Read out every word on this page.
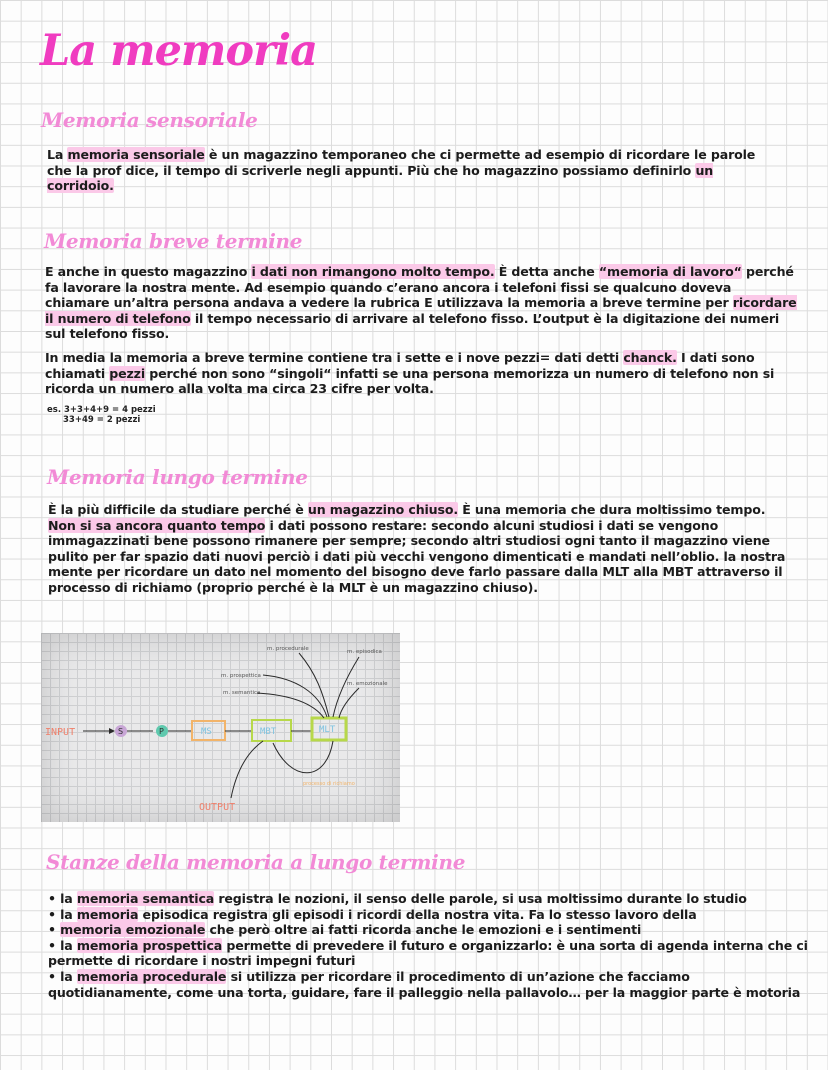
La memoria
Memoria sensoriale

La memoria sensoriale è un magazzino temporaneo che ci permette ad esempio di ricordare le parole che la prof dice, il tempo di scriverle negli appunti. Più che ho magazzino possiamo definirlo un corridoio.

Memoria breve termine

E anche in questo magazzino i dati non rimangono molto tempo. È detta anche “memoria di lavoro“ perché fa lavorare la nostra mente. Ad esempio quando c’erano ancora i telefoni fissi se qualcuno doveva chiamare un’altra persona andava a vedere la rubrica E utilizzava la memoria a breve termine per ricordare il numero di telefono il tempo necessario di arrivare al telefono fisso. L’output è la digitazione dei numeri sul telefono fisso.

In media la memoria a breve termine contiene tra i sette e i nove pezzi= dati detti chanck. I dati sono chiamati pezzi perché non sono “singoli“ infatti se una persona memorizza un numero di telefono non si ricorda un numero alla volta ma circa 23 cifre per volta.

es. 3+3+4+9 = 4 pezzi
33+49 = 2 pezzi

Memoria lungo termine

È la più difficile da studiare perché è un magazzino chiuso. È una memoria che dura moltissimo tempo. Non si sa ancora quanto tempo i dati possono restare: secondo alcuni studiosi i dati se vengono immagazzinati bene possono rimanere per sempre; secondo altri studiosi ogni tanto il magazzino viene pulito per far spazio dati nuovi perciò i dati più vecchi vengono dimenticati e mandati nell’oblio. la nostra mente per ricordare un dato nel momento del bisogno deve farlo passare dalla MLT alla MBT attraverso il processo di richiamo (proprio perché è la MLT è un magazzino chiuso).

INPUT	S	P	MS	MBT	MLT
processo di richiamo
OUTPUT
m. procedurale	m. episodica
m. prospettica
m. semantica
m. emozionale
Stanze della memoria a lungo termine
• la memoria semantica registra le nozioni, il senso delle parole, si usa moltissimo durante lo studio
• la memoria episodica registra gli episodi i ricordi della nostra vita. Fa lo stesso lavoro della
• memoria emozionale che però oltre ai fatti ricorda anche le emozioni e i sentimenti
• la memoria prospettica permette di prevedere il futuro e organizzarlo: è una sorta di agenda interna che ci permette di ricordare i nostri impegni futuri
• la memoria procedurale si utilizza per ricordare il procedimento di un’azione che facciamo quotidianamente, come una torta, guidare, fare il palleggio nella pallavolo… per la maggior parte è motoria
